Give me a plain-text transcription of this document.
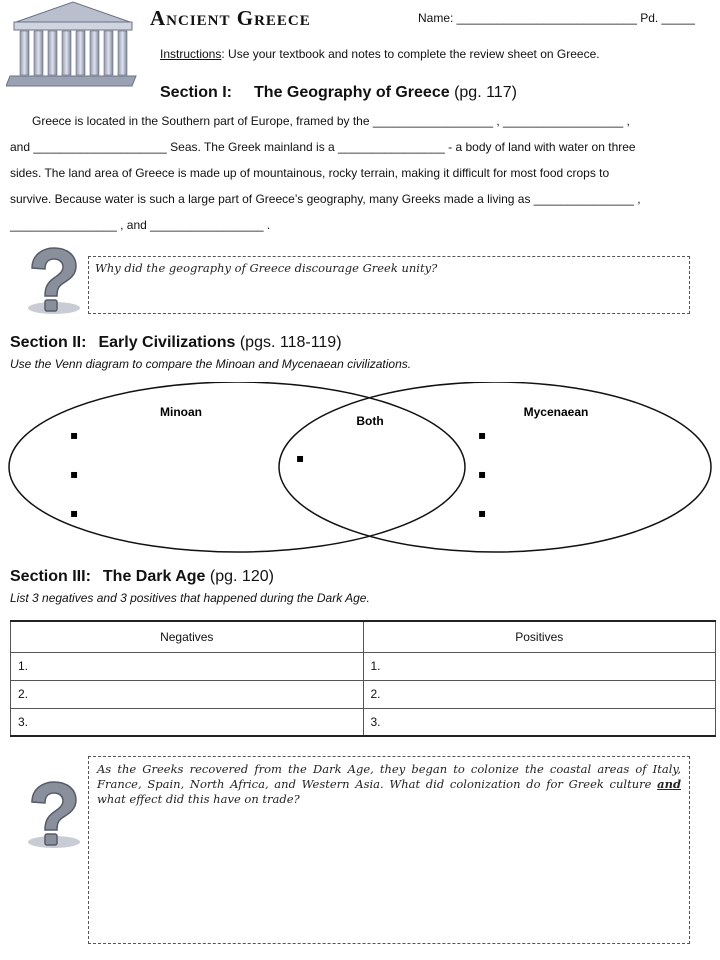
Ancient Greece	Name: ___________________________ Pd. _____
Instructions: Use your textbook and notes to complete the review sheet on Greece.
Section I: The Geography of Greece (pg. 117)
Greece is located in the Southern part of Europe, framed by the __________________ , __________________ ,
and ____________________ Seas. The Greek mainland is a ________________ - a body of land with water on three
sides. The land area of Greece is made up of mountainous, rocky terrain, making it difficult for most food crops to
survive. Because water is such a large part of Greece’s geography, many Greeks made a living as _______________ ,
________________ , and _________________ .
Why did the geography of Greece discourage Greek unity?
Section II: Early Civilizations (pgs. 118-119)
Use the Venn diagram to compare the Minoan and Mycenaean civilizations.
Minoan
Both
Mycenaean
▪
▪
▪
▪
▪
▪
▪
Section III: The Dark Age (pg. 120)
List 3 negatives and 3 positives that happened during the Dark Age.
Negatives	Positives
1.	1.
2.	2.
3.	3.
As the Greeks recovered from the Dark Age, they began to colonize the coastal areas of Italy, France, Spain, North Africa, and Western Asia. What did colonization do for Greek culture and what effect did this have on trade?
